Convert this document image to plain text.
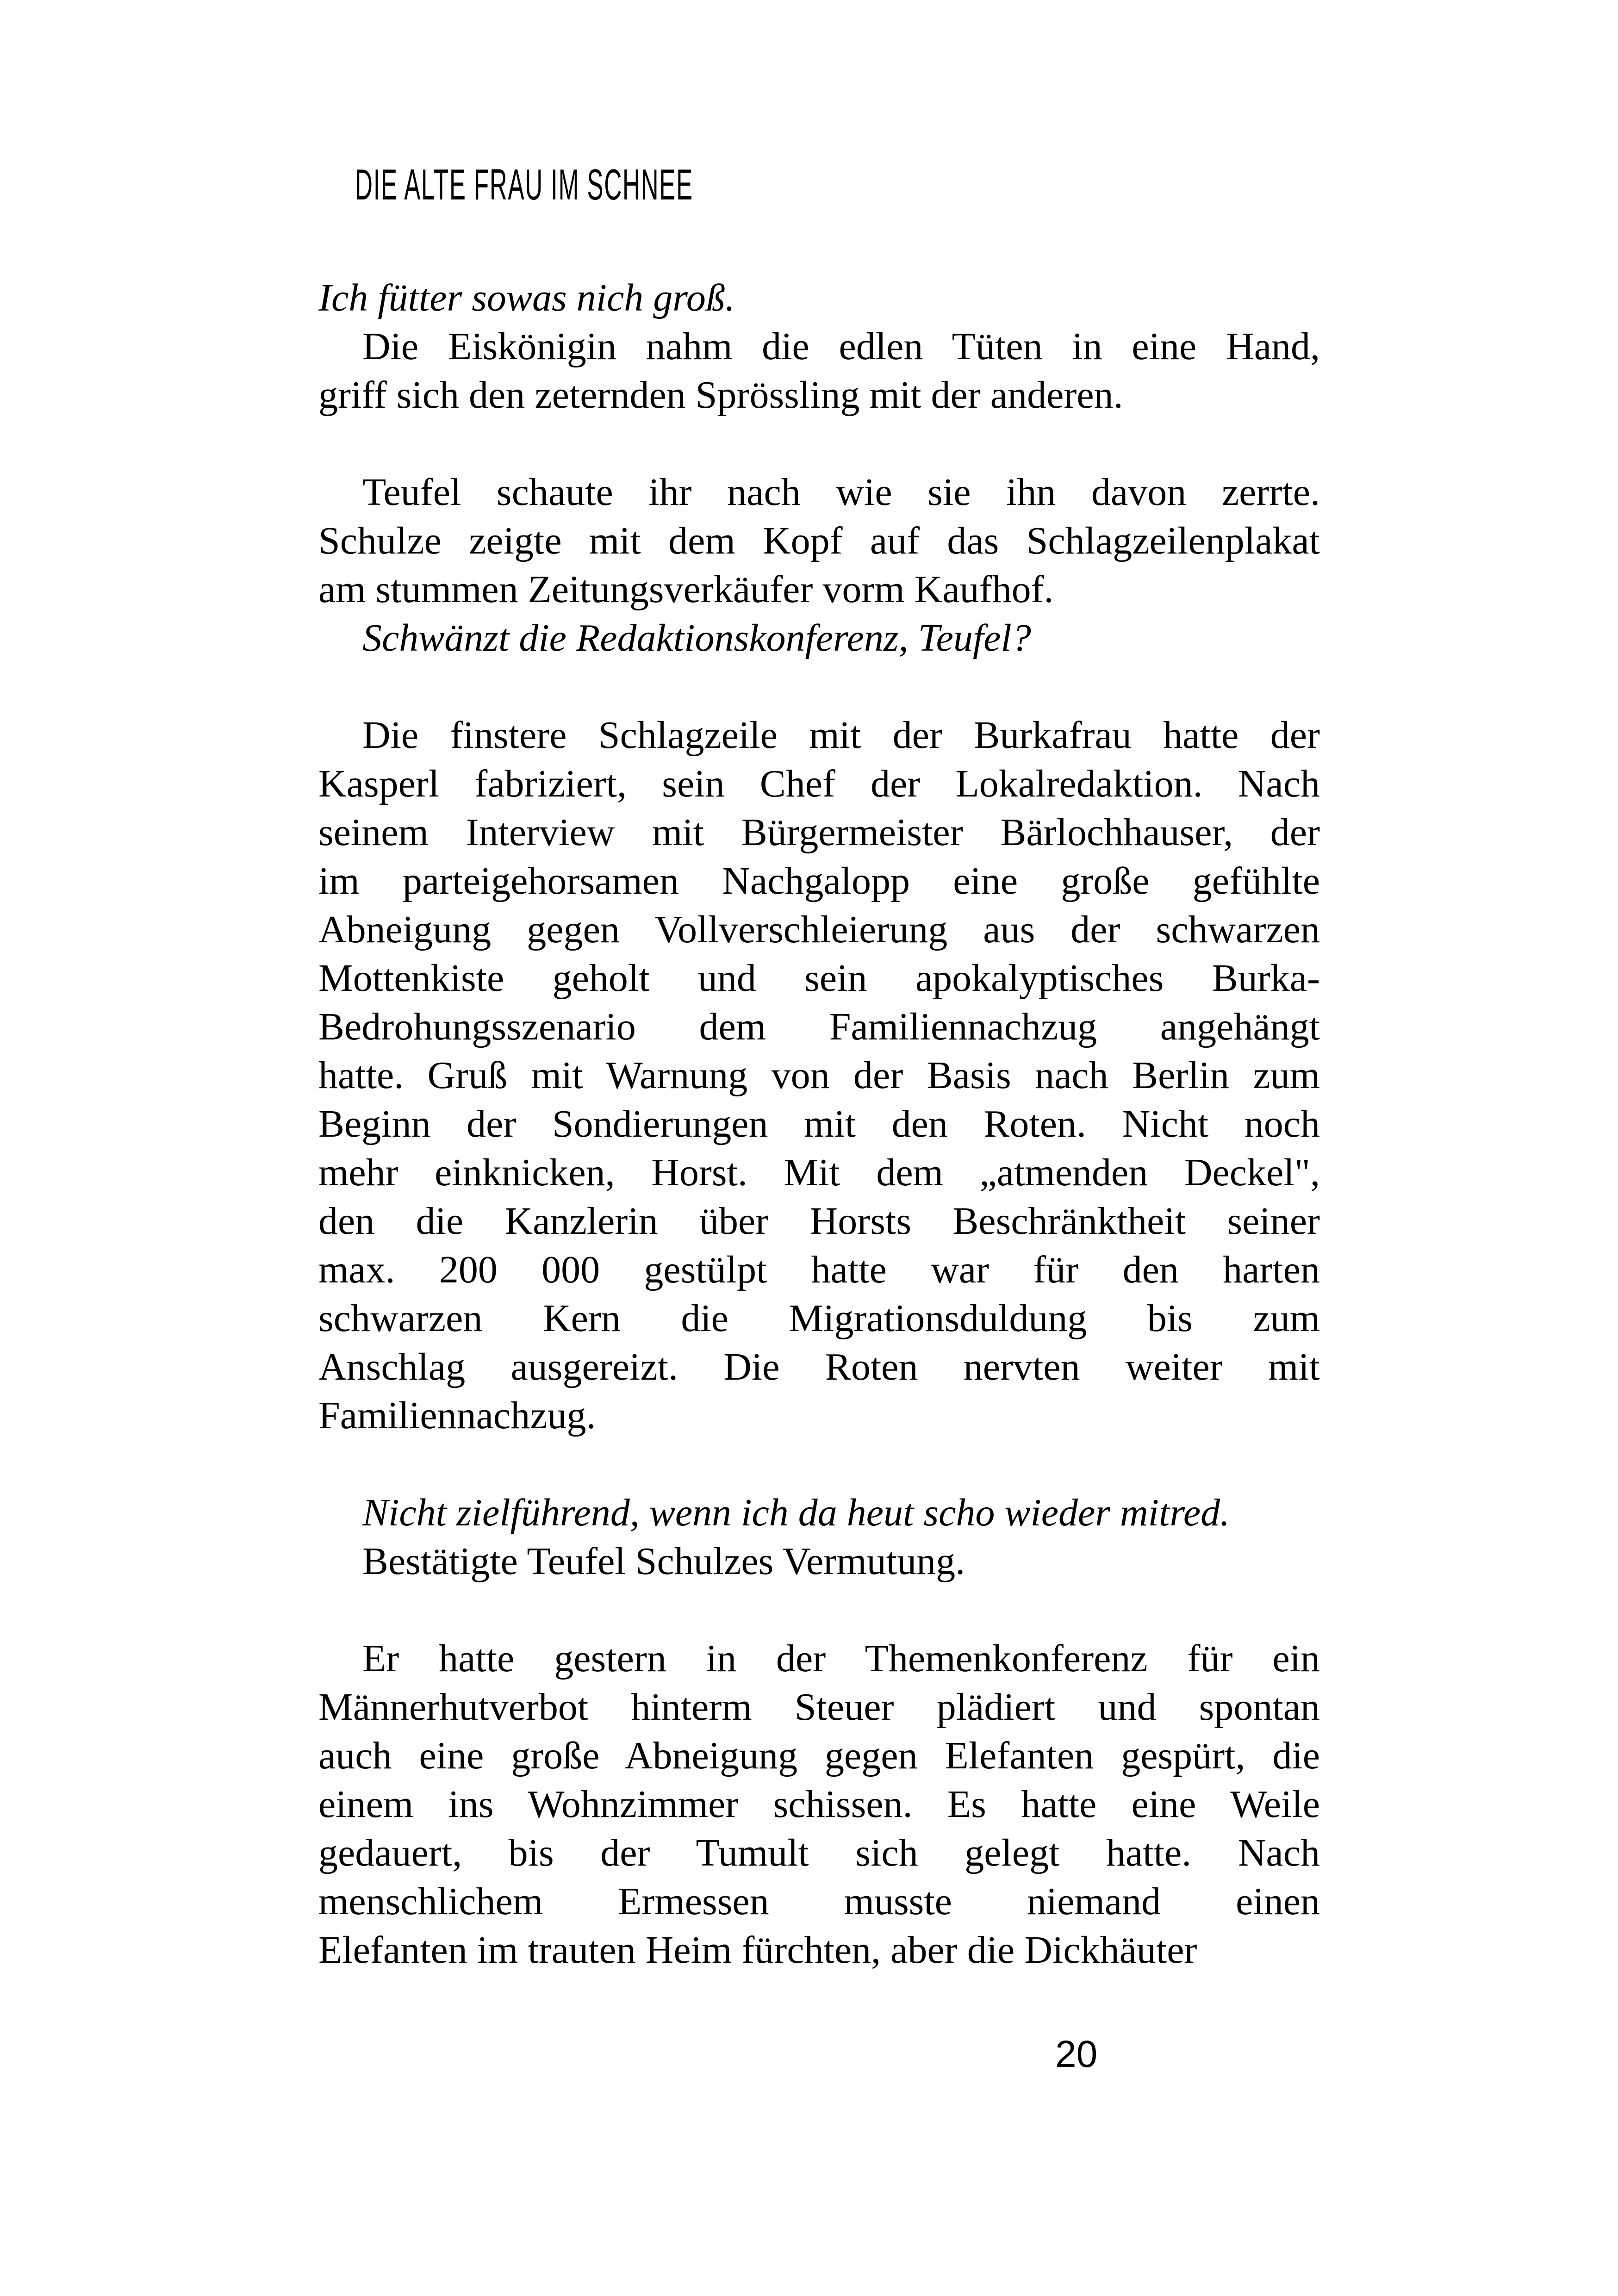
DIE ALTE FRAU IM SCHNEE
Ich fütter sowas nich groß.
Die Eiskönigin nahm die edlen Tüten in eine Hand,
griff sich den zeternden Sprössling mit der anderen.
Teufel schaute ihr nach wie sie ihn davon zerrte.
Schulze zeigte mit dem Kopf auf das Schlagzeilenplakat
am stummen Zeitungsverkäufer vorm Kaufhof.
Schwänzt die Redaktionskonferenz, Teufel?
Die finstere Schlagzeile mit der Burkafrau hatte der
Kasperl fabriziert, sein Chef der Lokalredaktion. Nach
seinem Interview mit Bürgermeister Bärlochhauser, der
im parteigehorsamen Nachgalopp eine große gefühlte
Abneigung gegen Vollverschleierung aus der schwarzen
Mottenkiste geholt und sein apokalyptisches Burka-
Bedrohungsszenario dem Familiennachzug angehängt
hatte. Gruß mit Warnung von der Basis nach Berlin zum
Beginn der Sondierungen mit den Roten. Nicht noch
mehr einknicken, Horst. Mit dem „atmenden Deckel",
den die Kanzlerin über Horsts Beschränktheit seiner
max. 200 000 gestülpt hatte war für den harten
schwarzen Kern die Migrationsduldung bis zum
Anschlag ausgereizt. Die Roten nervten weiter mit
Familiennachzug.
Nicht zielführend, wenn ich da heut scho wieder mitred.
Bestätigte Teufel Schulzes Vermutung.
Er hatte gestern in der Themenkonferenz für ein
Männerhutverbot hinterm Steuer plädiert und spontan
auch eine große Abneigung gegen Elefanten gespürt, die
einem ins Wohnzimmer schissen. Es hatte eine Weile
gedauert, bis der Tumult sich gelegt hatte. Nach
menschlichem Ermessen musste niemand einen
Elefanten im trauten Heim fürchten, aber die Dickhäuter
20
